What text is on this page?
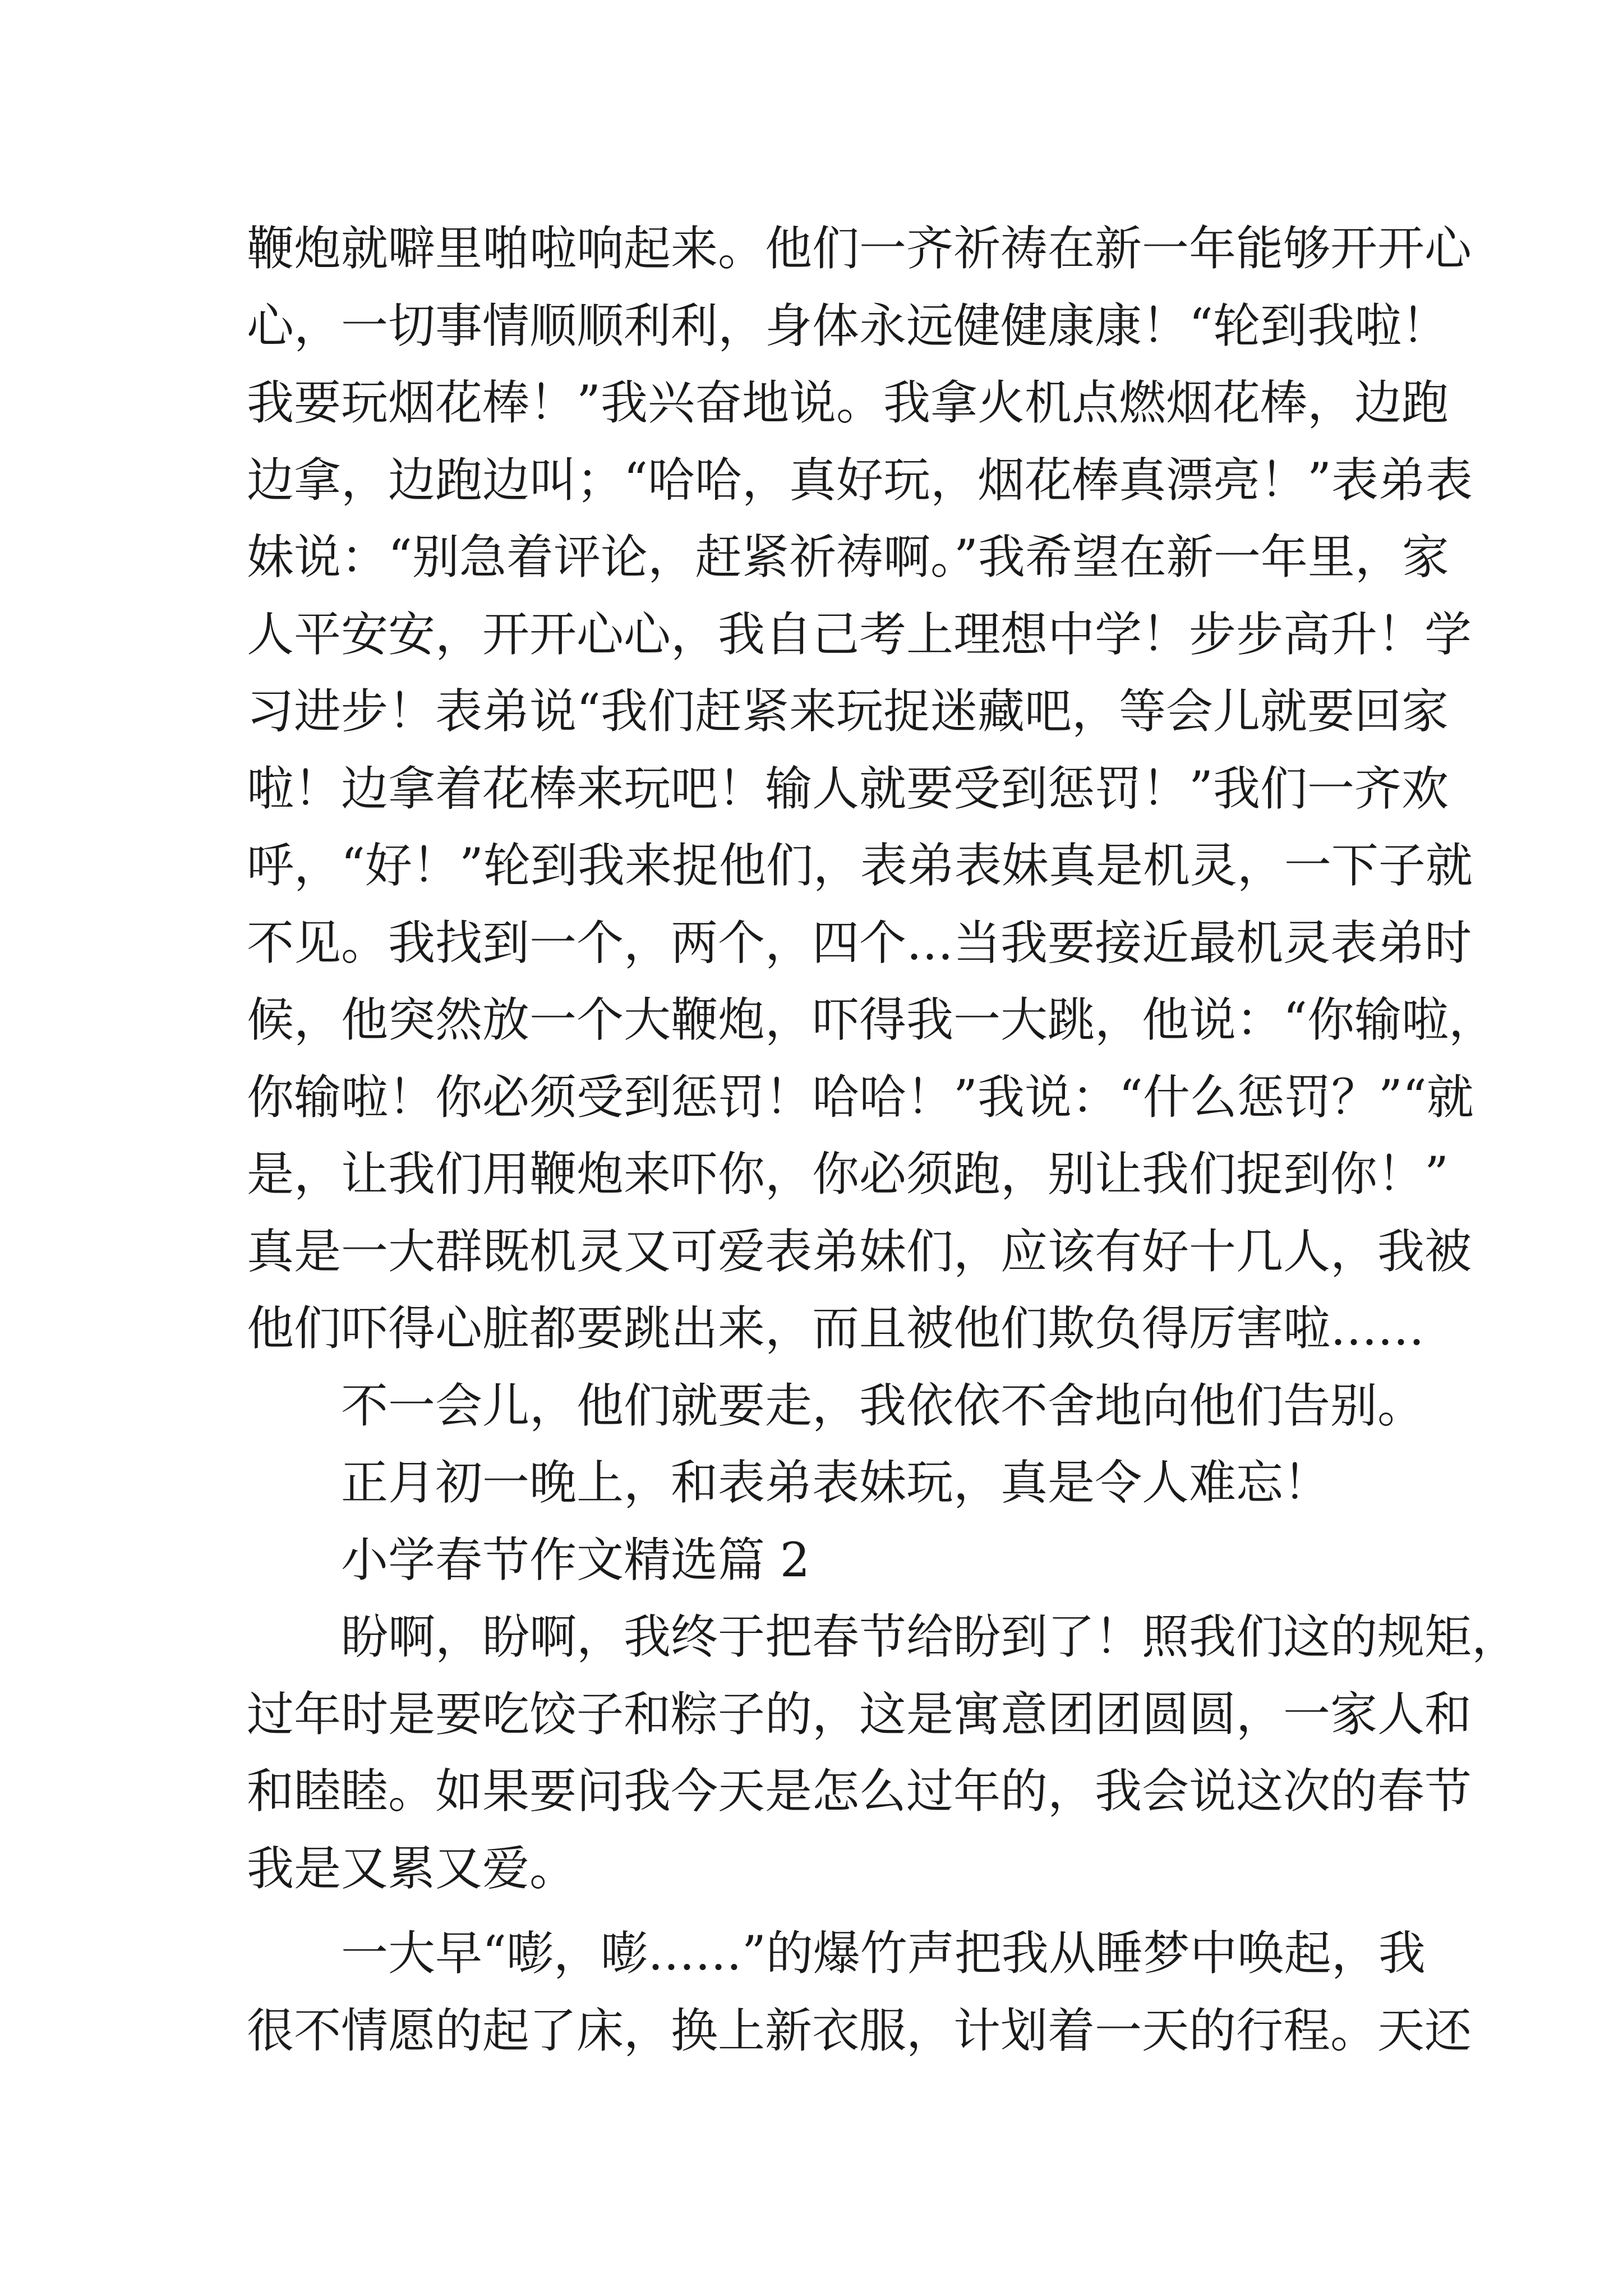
鞭炮就噼里啪啦响起来。他们一齐祈祷在新一年能够开开心
心，一切事情顺顺利利，身体永远健健康康！“轮到我啦！
我要玩烟花棒！”我兴奋地说。我拿火机点燃烟花棒，边跑
边拿，边跑边叫；“哈哈，真好玩，烟花棒真漂亮！”表弟表
妹说：“别急着评论，赶紧祈祷啊。”我希望在新一年里，家
人平安安，开开心心，我自己考上理想中学！步步高升！学
习进步！表弟说“我们赶紧来玩捉迷藏吧，等会儿就要回家
啦！边拿着花棒来玩吧！输人就要受到惩罚！”我们一齐欢
呼，“好！”轮到我来捉他们，表弟表妹真是机灵，一下子就
不见。我找到一个，两个，四个…当我要接近最机灵表弟时
候，他突然放一个大鞭炮，吓得我一大跳，他说：“你输啦，
你输啦！你必须受到惩罚！哈哈！”我说：“什么惩罚？”“就
是，让我们用鞭炮来吓你，你必须跑，别让我们捉到你！”
真是一大群既机灵又可爱表弟妹们，应该有好十几人，我被
他们吓得心脏都要跳出来，而且被他们欺负得厉害啦……
不一会儿，他们就要走，我依依不舍地向他们告别。
正月初一晚上，和表弟表妹玩，真是令人难忘！
小学春节作文精选篇 2
盼啊，盼啊，我终于把春节给盼到了！照我们这的规矩，
过年时是要吃饺子和粽子的，这是寓意团团圆圆，一家人和
和睦睦。如果要问我今天是怎么过年的，我会说这次的春节
我是又累又爱。
一大早“嘭，嘭……”的爆竹声把我从睡梦中唤起，我
很不情愿的起了床，换上新衣服，计划着一天的行程。天还
